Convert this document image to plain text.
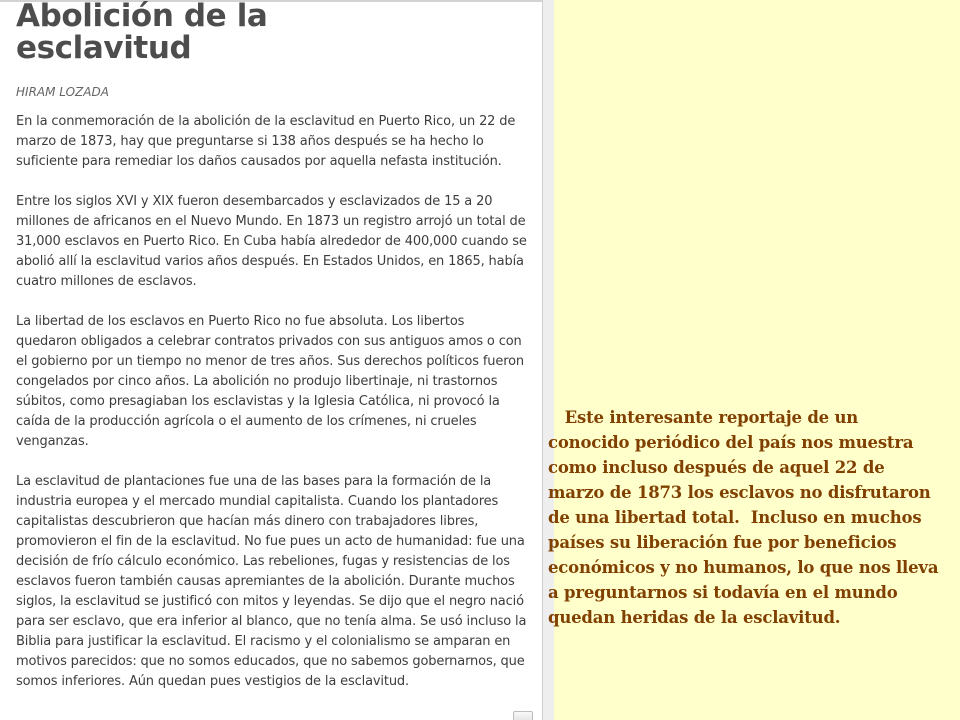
Abolición de la
esclavitud
HIRAM LOZADA

En la conmemoración de la abolición de la esclavitud en Puerto Rico, un 22 de marzo de 1873, hay que preguntarse si 138 años después se ha hecho lo suficiente para remediar los daños causados por aquella nefasta institución.

Entre los siglos XVI y XIX fueron desembarcados y esclavizados de 15 a 20 millones de africanos en el Nuevo Mundo. En 1873 un registro arrojó un total de 31,000 esclavos en Puerto Rico. En Cuba había alrededor de 400,000 cuando se abolió allí la esclavitud varios años después. En Estados Unidos, en 1865, había cuatro millones de esclavos.

La libertad de los esclavos en Puerto Rico no fue absoluta. Los libertos quedaron obligados a celebrar contratos privados con sus antiguos amos o con el gobierno por un tiempo no menor de tres años. Sus derechos políticos fueron congelados por cinco años. La abolición no produjo libertinaje, ni trastornos súbitos, como presagiaban los esclavistas y la Iglesia Católica, ni provocó la caída de la producción agrícola o el aumento de los crímenes, ni crueles venganzas.

La esclavitud de plantaciones fue una de las bases para la formación de la industria europea y el mercado mundial capitalista. Cuando los plantadores capitalistas descubrieron que hacían más dinero con trabajadores libres, promovieron el fin de la esclavitud. No fue pues un acto de humanidad: fue una decisión de frío cálculo económico. Las rebeliones, fugas y resistencias de los esclavos fueron también causas apremiantes de la abolición. Durante muchos siglos, la esclavitud se justificó con mitos y leyendas. Se dijo que el negro nació para ser esclavo, que era inferior al blanco, que no tenía alma. Se usó incluso la Biblia para justificar la esclavitud. El racismo y el colonialismo se amparan en motivos parecidos: que no somos educados, que no sabemos gobernarnos, que somos inferiores. Aún quedan pues vestigios de la esclavitud.

Este interesante reportaje de un conocido periódico del país nos muestra como incluso después de aquel 22 de marzo de 1873 los esclavos no disfrutaron de una libertad total.  Incluso en muchos países su liberación fue por beneficios económicos y no humanos, lo que nos lleva a preguntarnos si todavía en el mundo quedan heridas de la esclavitud.
